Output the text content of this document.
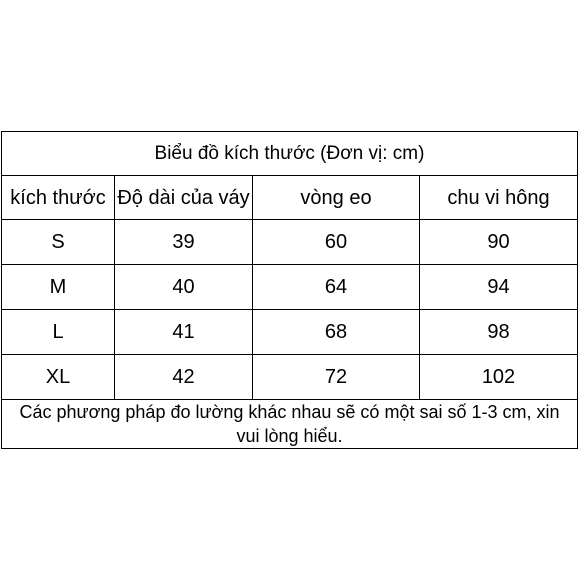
Biểu đồ kích thước (Đơn vị: cm)			
kích thước	Độ dài của váy	vòng eo	chu vi hông
S	39	60	90
M	40	64	94
L	41	68	98
XL	42	72	102
Các phương pháp đo lường khác nhau sẽ có một sai số 1-3 cm, xin vui lòng hiểu.			
